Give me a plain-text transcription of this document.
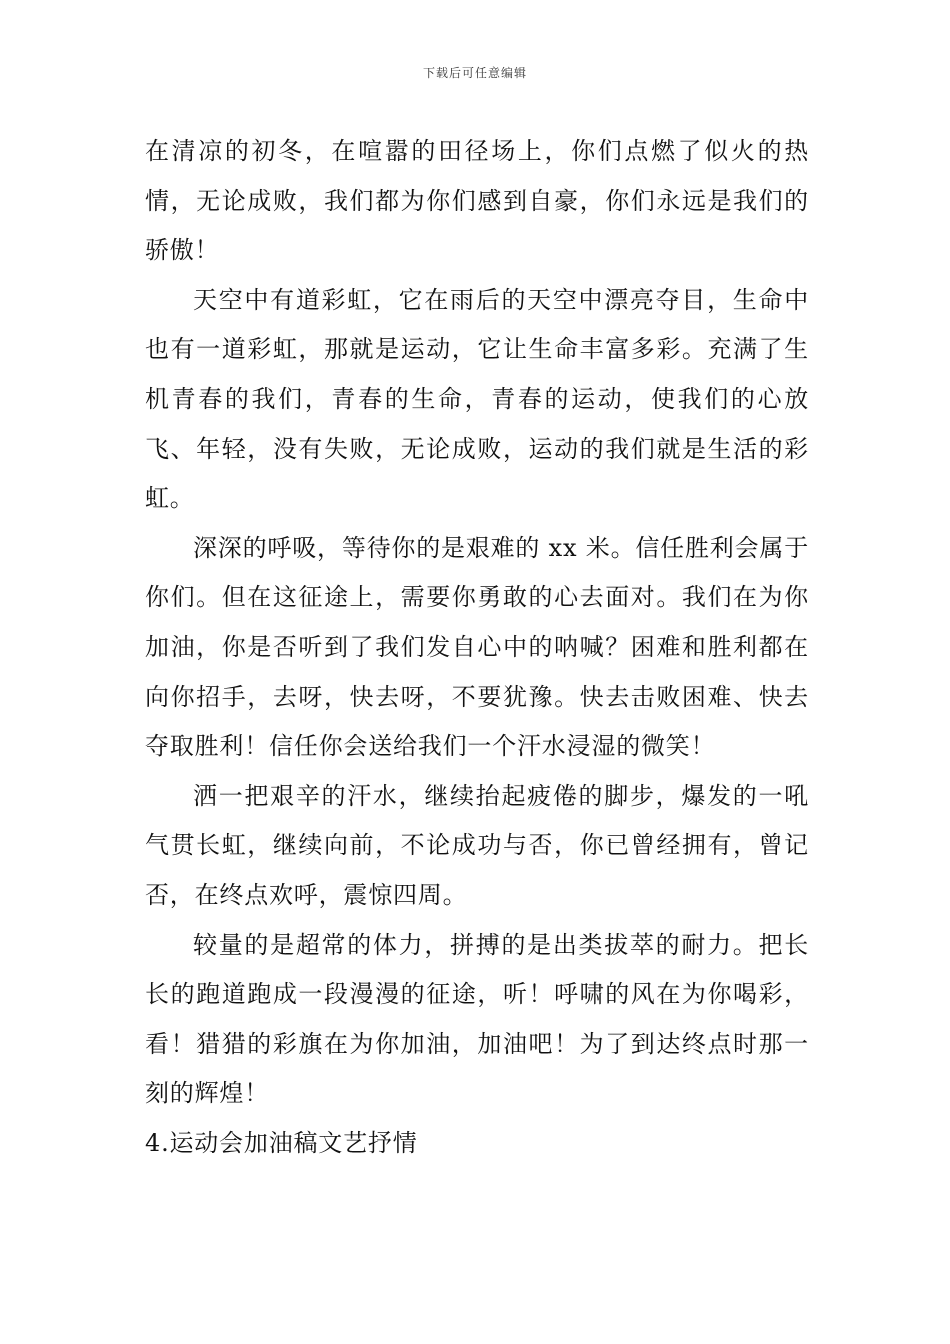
下载后可任意编辑

在清凉的初冬，在喧嚣的田径场上，你们点燃了似火的热情，无论成败，我们都为你们感到自豪，你们永远是我们的骄傲！

天空中有道彩虹，它在雨后的天空中漂亮夺目，生命中也有一道彩虹，那就是运动，它让生命丰富多彩。充满了生机青春的我们，青春的生命，青春的运动，使我们的心放飞、年轻，没有失败，无论成败，运动的我们就是生活的彩虹。

深深的呼吸，等待你的是艰难的 xx 米。信任胜利会属于你们。但在这征途上，需要你勇敢的心去面对。我们在为你加油，你是否听到了我们发自心中的呐喊？困难和胜利都在向你招手，去呀，快去呀，不要犹豫。快去击败困难、快去夺取胜利！信任你会送给我们一个汗水浸湿的微笑！

洒一把艰辛的汗水，继续抬起疲倦的脚步，爆发的一吼气贯长虹，继续向前，不论成功与否，你已曾经拥有，曾记否，在终点欢呼，震惊四周。

较量的是超常的体力，拼搏的是出类拔萃的耐力。把长长的跑道跑成一段漫漫的征途，听！呼啸的风在为你喝彩，看！猎猎的彩旗在为你加油，加油吧！为了到达终点时那一刻的辉煌！

4.运动会加油稿文艺抒情
